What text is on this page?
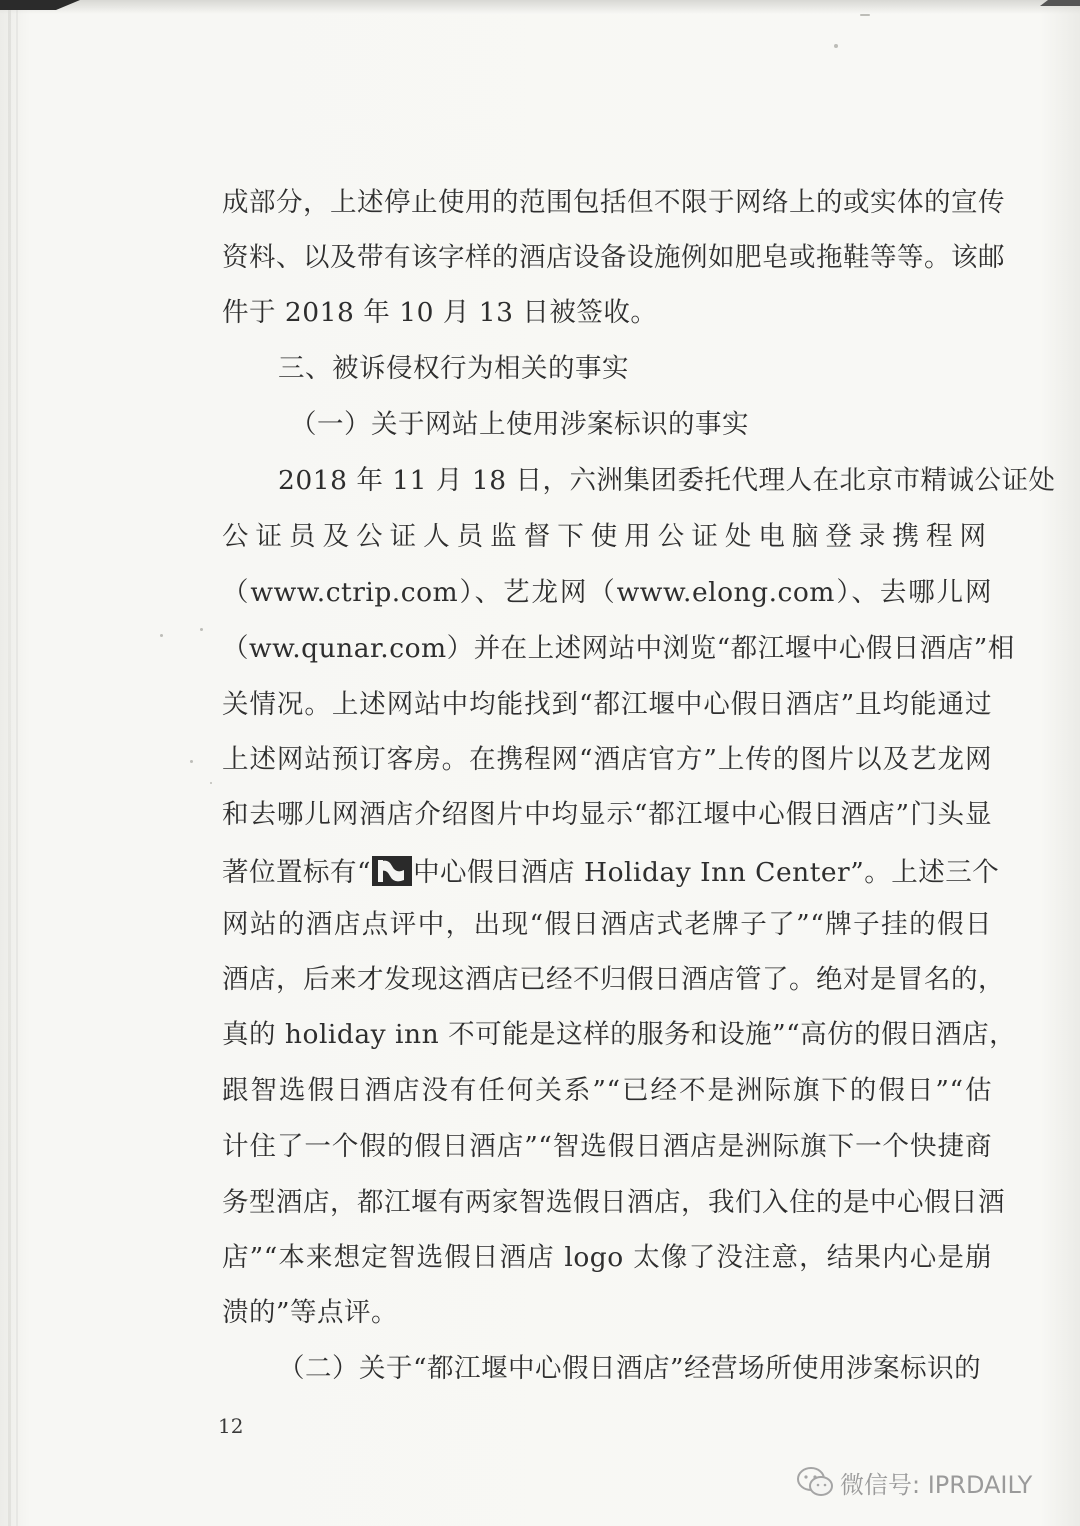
成部分，上述停止使用的范围包括但不限于网络上的或实体的宣传
资料、以及带有该字样的酒店设备设施例如肥皂或拖鞋等等。该邮
件于 2018 年 10 月 13 日被签收。
三、被诉侵权行为相关的事实
（一）关于网站上使用涉案标识的事实
2018 年 11 月 18 日，六洲集团委托代理人在北京市精诚公证处
公证员及公证人员监督下使用公证处电脑登录携程网
（www.ctrip.com）、艺龙网（www.elong.com）、去哪儿网
（ww.qunar.com）并在上述网站中浏览“都江堰中心假日酒店”相
关情况。上述网站中均能找到“都江堰中心假日酒店”且均能通过
上述网站预订客房。在携程网“酒店官方”上传的图片以及艺龙网
和去哪儿网酒店介绍图片中均显示“都江堰中心假日酒店”门头显
著位置标有“ 中心假日酒店 Holiday Inn Center”。上述三个
网站的酒店点评中，出现“假日酒店式老牌子了”“牌子挂的假日
酒店，后来才发现这酒店已经不归假日酒店管了。绝对是冒名的，
真的 holiday inn 不可能是这样的服务和设施”“高仿的假日酒店，
跟智选假日酒店没有任何关系”“已经不是洲际旗下的假日”“估
计住了一个假的假日酒店”“智选假日酒店是洲际旗下一个快捷商
务型酒店，都江堰有两家智选假日酒店，我们入住的是中心假日酒
店”“本来想定智选假日酒店 logo 太像了没注意，结果内心是崩
溃的”等点评。
（二）关于“都江堰中心假日酒店”经营场所使用涉案标识的
12
微信号: IPRDAILY
